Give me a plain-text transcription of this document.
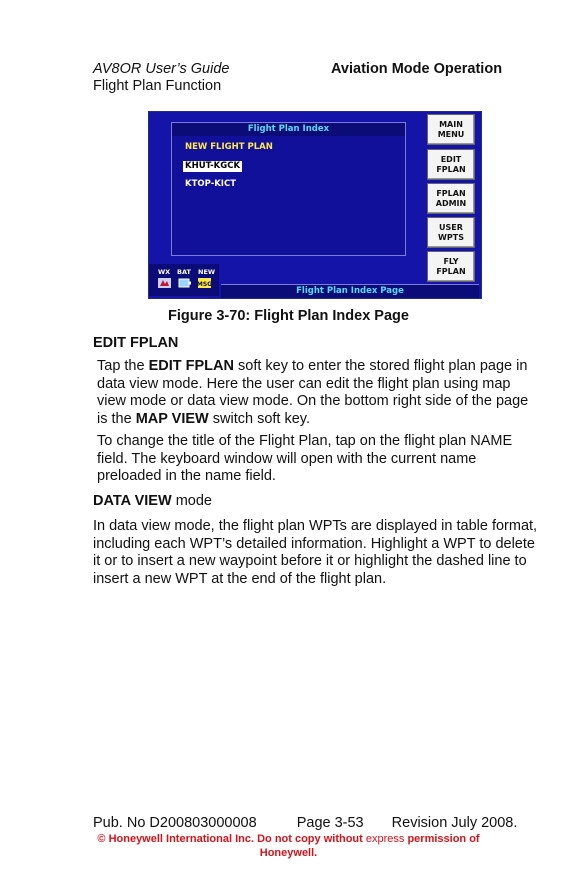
AV8OR User’s Guide
Flight Plan Function
Aviation Mode Operation
Flight Plan Index
NEW FLIGHT PLAN
KHUT-KGCK
KTOP-KICT
MAIN
MENU
EDIT
FPLAN
FPLAN
ADMIN
USER
WPTS
FLY
FPLAN
WX BAT NEW
MSG
Flight Plan Index Page
Figure 3-70: Flight Plan Index Page
EDIT FPLAN
Tap the EDIT FPLAN soft key to enter the stored flight plan page in data view mode. Here the user can edit the flight plan using map view mode or data view mode. On the bottom right side of the page is the MAP VIEW switch soft key.
To change the title of the Flight Plan, tap on the flight plan NAME field. The keyboard window will open with the current name preloaded in the name field.
DATA VIEW mode
In data view mode, the flight plan WPTs are displayed in table format, including each WPT’s detailed information. Highlight a WPT to delete it or to insert a new waypoint before it or highlight the dashed line to insert a new WPT at the end of the flight plan.
Pub. No D200803000008	Page 3-53 Revision July 2008.
© Honeywell International Inc. Do not copy without express permission of
Honeywell.
